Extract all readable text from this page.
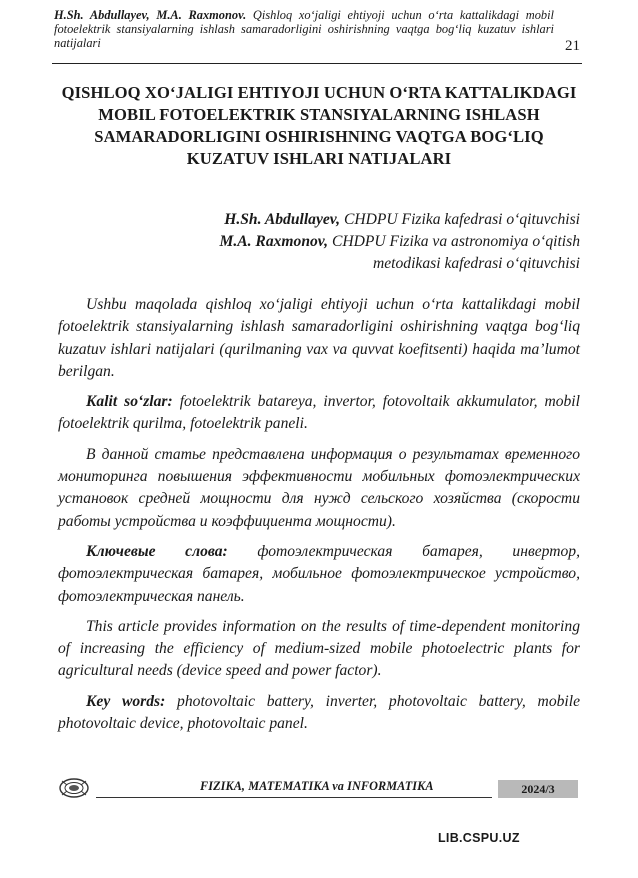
H.Sh. Abdullayev, M.A. Raxmonov. Qishloq xo‘jaligi ehtiyoji uchun o‘rta kattalikdagi mobil fotoelektrik stansiyalarning ishlash samaradorligini oshirishning vaqtga bog‘liq kuzatuv ishlari natijalari	21
QISHLOQ XO‘JALIGI EHTIYOJI UCHUN O‘RTA KATTALIKDAGI MOBIL FOTOELEKTRIK STANSIYALARNING ISHLASH SAMARADORLIGINI OSHIRISHNING VAQTGA BOG‘LIQ KUZATUV ISHLARI NATIJALARI
H.Sh. Abdullayev, CHDPU Fizika kafedrasi o‘qituvchisi
M.A. Raxmonov, CHDPU Fizika va astronomiya o‘qitish
metodikasi kafedrasi o‘qituvchisi

Ushbu maqolada qishloq xo‘jaligi ehtiyoji uchun o‘rta kattalikdagi mobil fotoelektrik stansiyalarning ishlash samaradorligini oshirishning vaqtga bog‘liq kuzatuv ishlari natijalari (qurilmaning vax va quvvat koefitsenti) haqida ma’lumot berilgan.

Kalit so‘zlar: fotoelektrik batareya, invertor, fotovoltaik akkumulator, mobil fotoelektrik qurilma, fotoelektrik paneli.

В данной статье представлена информация о результатах временного мониторинга повышения эффективности мобильных фотоэлектрических установок средней мощности для нужд сельского хозяйства (скорости работы устройства и коэффициента мощности).

Ключевые слова: фотоэлектрическая батарея, инвертор, фотоэлектрическая батарея, мобильное фотоэлектрическое устройство, фотоэлектрическая панель.

This article provides information on the results of time-dependent monitoring of increasing the efficiency of medium-sized mobile photoelectric plants for agricultural needs (device speed and power factor).

Key words: photovoltaic battery, inverter, photovoltaic battery, mobile photovoltaic device, photovoltaic panel.

FIZIKA, MATEMATIKA va INFORMATIKA	2024/3
LIB.CSPU.UZ
